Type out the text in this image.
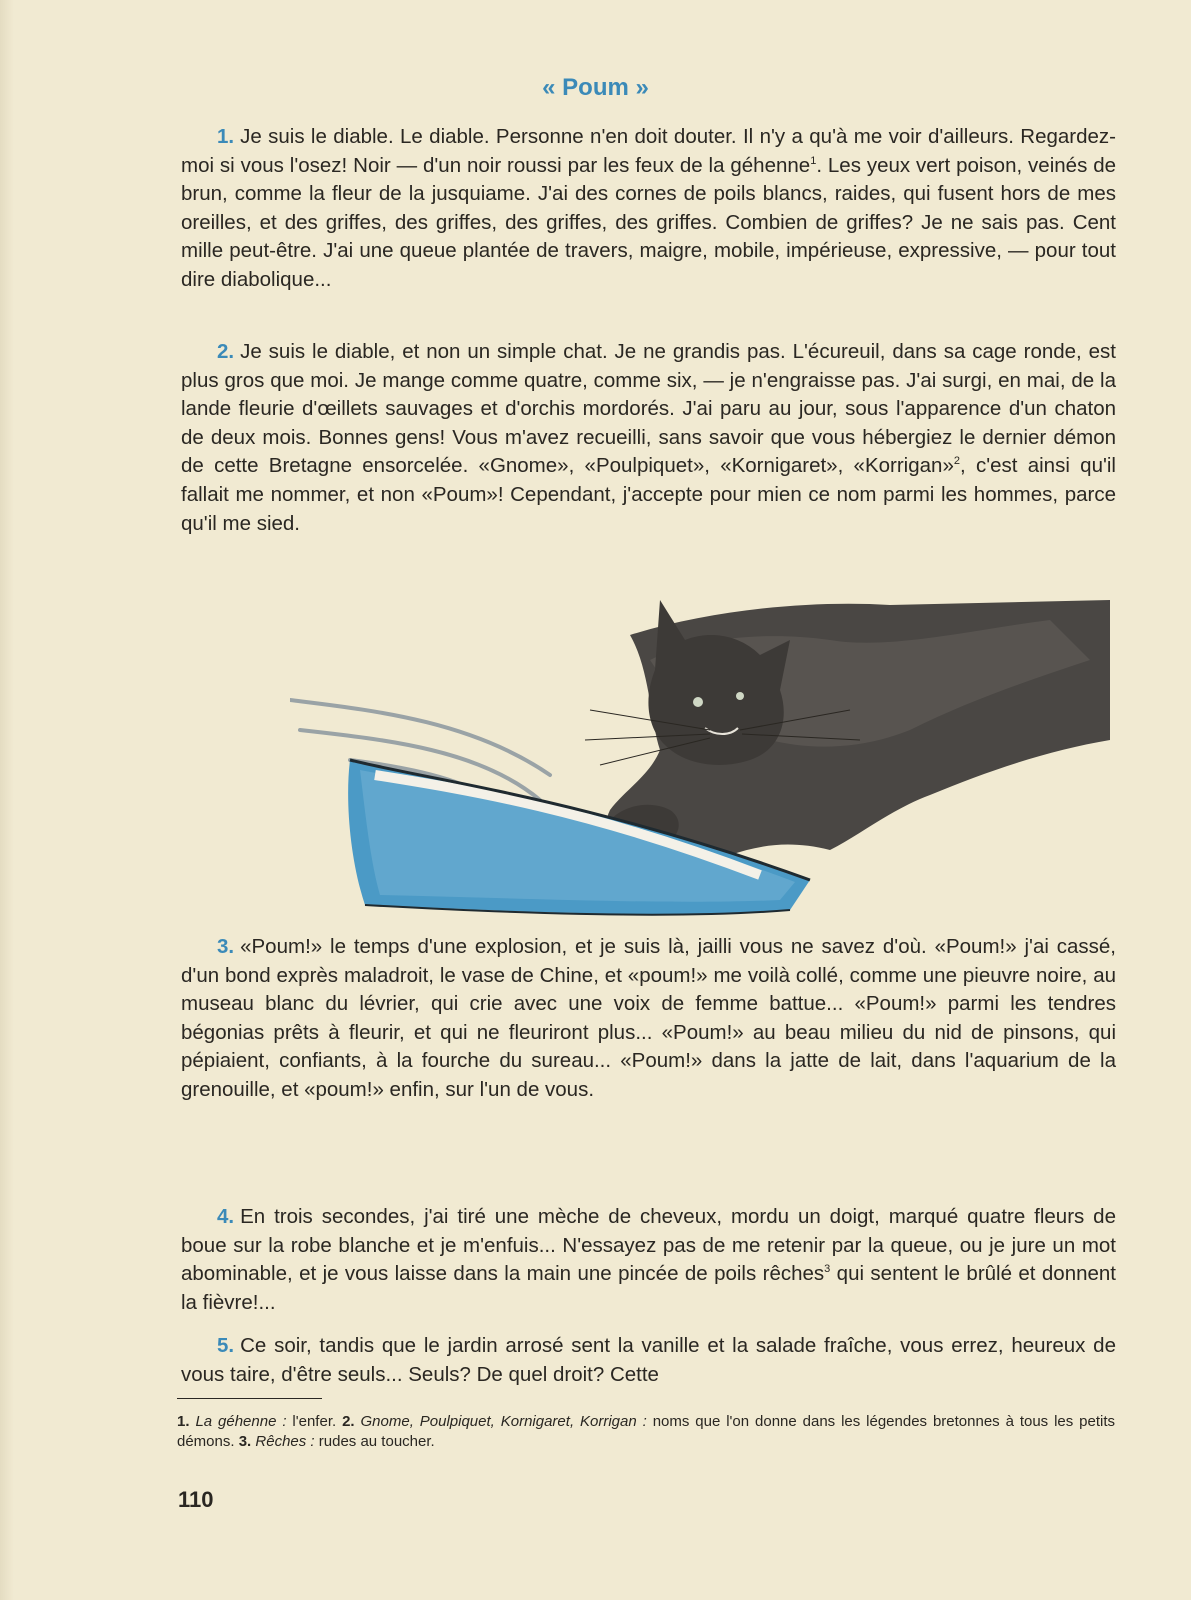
« Poum »

1. Je suis le diable. Le diable. Personne n'en doit douter. Il n'y a qu'à me voir d'ailleurs. Regardez-moi si vous l'osez! Noir — d'un noir roussi par les feux de la géhenne$^1$. Les yeux vert poison, veinés de brun, comme la fleur de la jusquiame. J'ai des cornes de poils blancs, raides, qui fusent hors de mes oreilles, et des griffes, des griffes, des griffes, des griffes. Combien de griffes? Je ne sais pas. Cent mille peut-être. J'ai une queue plantée de travers, maigre, mobile, impérieuse, expressive, — pour tout dire diabolique...

2. Je suis le diable, et non un simple chat. Je ne grandis pas. L'écureuil, dans sa cage ronde, est plus gros que moi. Je mange comme quatre, comme six, — je n'engraisse pas. J'ai surgi, en mai, de la lande fleurie d'œillets sauvages et d'orchis mordorés. J'ai paru au jour, sous l'apparence d'un chaton de deux mois. Bonnes gens! Vous m'avez recueilli, sans savoir que vous hébergiez le dernier démon de cette Bretagne ensorcelée. «Gnome», «Poulpiquet», «Kornigaret», «Korrigan»$^2$, c'est ainsi qu'il fallait me nommer, et non «Poum»! Cependant, j'accepte pour mien ce nom parmi les hommes, parce qu'il me sied.

3. «Poum!» le temps d'une explosion, et je suis là, jailli vous ne savez d'où. «Poum!» j'ai cassé, d'un bond exprès maladroit, le vase de Chine, et «poum!» me voilà collé, comme une pieuvre noire, au museau blanc du lévrier, qui crie avec une voix de femme battue... «Poum!» parmi les tendres bégonias prêts à fleurir, et qui ne fleuriront plus... «Poum!» au beau milieu du nid de pinsons, qui pépiaient, confiants, à la fourche du sureau... «Poum!» dans la jatte de lait, dans l'aquarium de la grenouille, et «poum!» enfin, sur l'un de vous.

4. En trois secondes, j'ai tiré une mèche de cheveux, mordu un doigt, marqué quatre fleurs de boue sur la robe blanche et je m'enfuis... N'essayez pas de me retenir par la queue, ou je jure un mot abominable, et je vous laisse dans la main une pincée de poils rêches$^3$ qui sentent le brûlé et donnent la fièvre!...

5. Ce soir, tandis que le jardin arrosé sent la vanille et la salade fraîche, vous errez, heureux de vous taire, d'être seuls... Seuls? De quel droit? Cette

1. La géhenne : l'enfer. 2. Gnome, Poulpiquet, Kornigaret, Korrigan : noms que l'on donne dans les légendes bretonnes à tous les petits démons. 3. Rêches : rudes au toucher.

110
